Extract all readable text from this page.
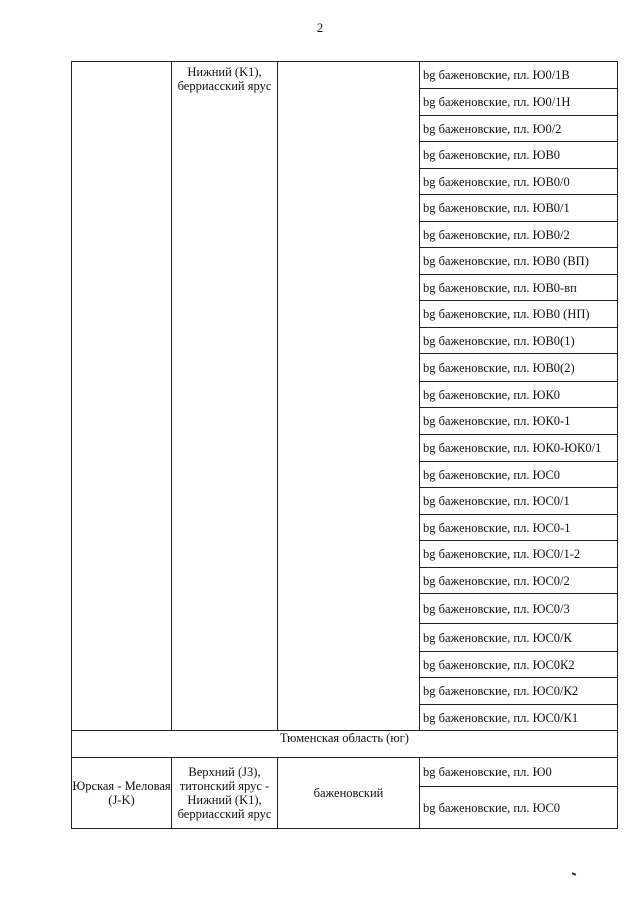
2
	Нижний (K1), берриасский ярус		bg баженовские, пл. Ю0/1В
			bg баженовские, пл. Ю0/1Н
			bg баженовские, пл. Ю0/2
			bg баженовские, пл. ЮВ0
			bg баженовские, пл. ЮВ0/0
			bg баженовские, пл. ЮВ0/1
			bg баженовские, пл. ЮВ0/2
			bg баженовские, пл. ЮВ0 (ВП)
			bg баженовские, пл. ЮВ0-вп
			bg баженовские, пл. ЮВ0 (НП)
			bg баженовские, пл. ЮВ0(1)
			bg баженовские, пл. ЮВ0(2)
			bg баженовские, пл. ЮК0
			bg баженовские, пл. ЮК0-1
			bg баженовские, пл. ЮК0-ЮК0/1
			bg баженовские, пл. ЮС0
			bg баженовские, пл. ЮС0/1
			bg баженовские, пл. ЮС0-1
			bg баженовские, пл. ЮС0/1-2
			bg баженовские, пл. ЮС0/2
			bg баженовские, пл. ЮС0/3
			bg баженовские, пл. ЮС0/К
			bg баженовские, пл. ЮС0К2
			bg баженовские, пл. ЮС0/К2
			bg баженовские, пл. ЮС0/К1
Тюменская область (юг)			
Юрская - Меловая (J-K)	Верхний (J3), титонский ярус - Нижний (K1), берриасский ярус	баженовский	bg баженовские, пл. Ю0
			bg баженовские, пл. ЮС0
